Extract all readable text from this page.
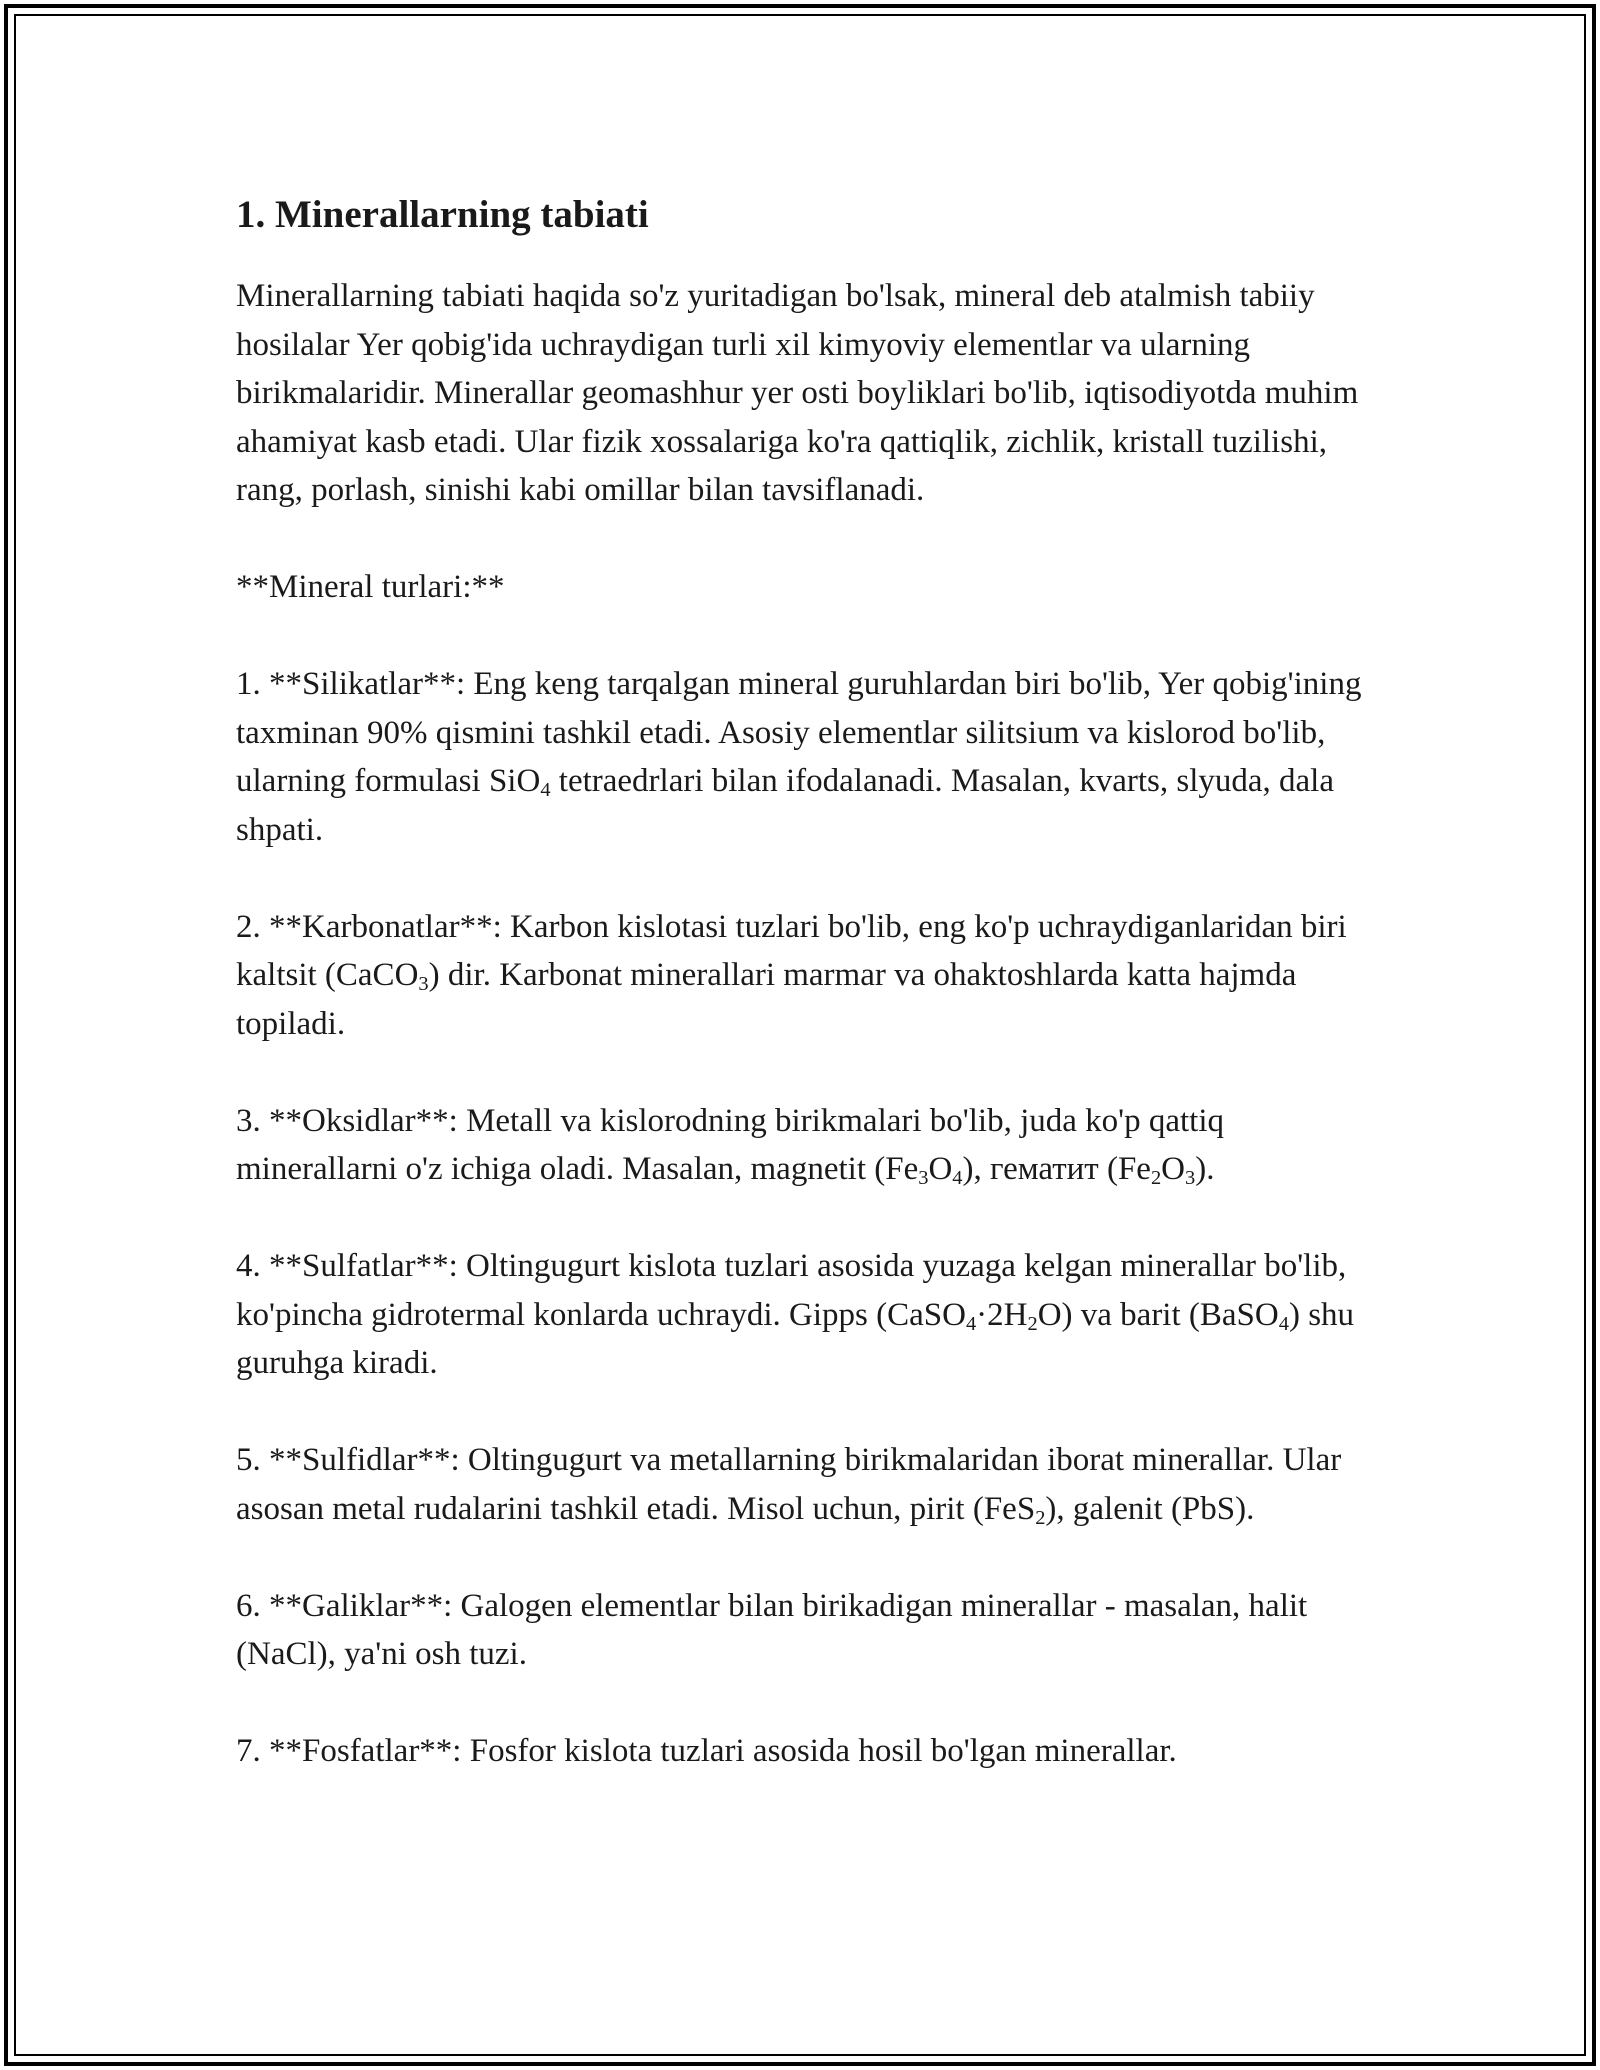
1. Minerallarning tabiati

Minerallarning tabiati haqida so'z yuritadigan bo'lsak, mineral deb atalmish tabiiy hosilalar Yer qobig'ida uchraydigan turli xil kimyoviy elementlar va ularning birikmalaridir. Minerallar geomashhur yer osti boyliklari bo'lib, iqtisodiyotda muhim ahamiyat kasb etadi. Ular fizik xossalariga ko'ra qattiqlik, zichlik, kristall tuzilishi, rang, porlash, sinishi kabi omillar bilan tavsiflanadi.

**Mineral turlari:**

1. **Silikatlar**: Eng keng tarqalgan mineral guruhlardan biri bo'lib, Yer qobig'ining taxminan 90% qismini tashkil etadi. Asosiy elementlar silitsium va kislorod bo'lib, ularning formulasi SiO$_4$ tetraedrlari bilan ifodalanadi. Masalan, kvarts, slyuda, dala shpati.

2. **Karbonatlar**: Karbon kislotasi tuzlari bo'lib, eng ko'p uchraydiganlaridan biri kaltsit (CaCO$_3$) dir. Karbonat minerallari marmar va ohaktoshlarda katta hajmda topiladi.

3. **Oksidlar**: Metall va kislorodning birikmalari bo'lib, juda ko'p qattiq minerallarni o'z ichiga oladi. Masalan, magnetit $(Fe_3O_4)$, гематит $(Fe_2O_3)$.

4. **Sulfatlar**: Oltingugurt kislota tuzlari asosida yuzaga kelgan minerallar bo'lib, ko'pincha gidrotermal konlarda uchraydi. Gipps $(CaSO_4\cdot 2H_2O)$ va barit (BaSO$_4$) shu guruhga kiradi.

5. **Sulfidlar**: Oltingugurt va metallarning birikmalaridan iborat minerallar. Ular asosan metal rudalarini tashkil etadi. Misol uchun, pirit (FeS$_2$), galenit (PbS).

6. **Galiklar**: Galogen elementlar bilan birikadigan minerallar - masalan, halit (NaCl), ya'ni osh tuzi.

7. **Fosfatlar**: Fosfor kislota tuzlari asosida hosil bo'lgan minerallar.
